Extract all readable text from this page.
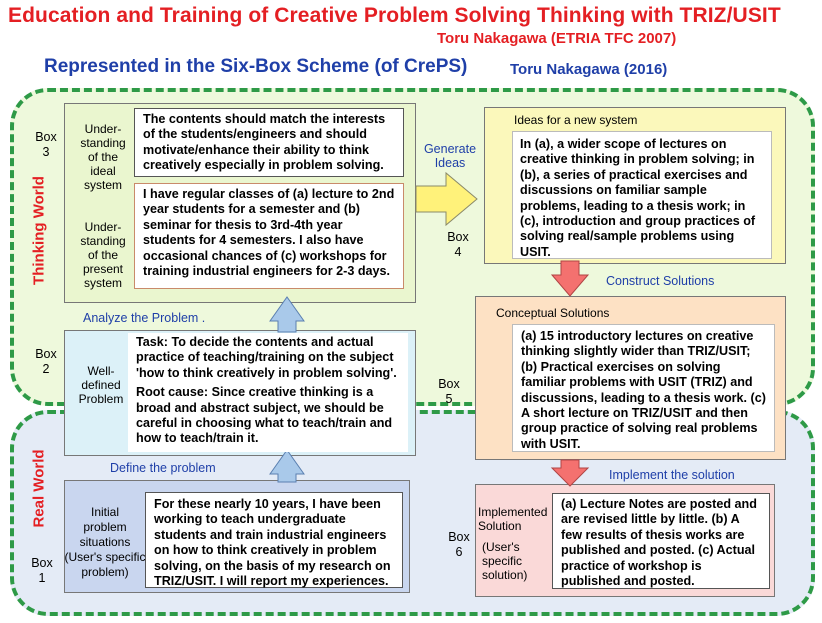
Education and Training of Creative Problem Solving Thinking with TRIZ/USIT
Toru Nakagawa (ETRIA TFC 2007)
Represented in the Six-Box Scheme (of CrePS)	Toru Nakagawa (2016)
Thinking World
Real World
Box
3
Under-
standing
of the
ideal
system
Under-
standing
of the
present
system
The contents should match the interests of the students/engineers and should motivate/enhance their ability to think creatively especially in problem solving.
I have regular classes of (a) lecture to 2nd year students for a semester and (b) seminar for thesis to 3rd-4th year students for 4 semesters. I also have occasional chances of (c) workshops for training industrial engineers for 2-3 days.
Ideas for a new system
In (a), a wider scope of lectures on creative thinking in problem solving; in (b), a series of practical exercises and discussions on familiar sample problems, leading to a thesis work; in (c), introduction and group practices of solving real/sample problems using USIT.
Box
4
Generate
Ideas
Analyze the Problem .
Construct Solutions
Box
2	Well-
defined
Problem

Task: To decide the contents and actual practice of teaching/training on the subject 'how to think creatively in problem solving'.

Root cause: Since creative thinking is a broad and abstract subject, we should be careful in choosing what to teach/train and how to teach/train it.

Conceptual Solutions
(a) 15 introductory lectures on creative thinking slightly wider than TRIZ/USIT; (b) Practical exercises on solving familiar problems with USIT (TRIZ) and discussions, leading to a thesis work. (c) A short lecture on TRIZ/USIT and then group practice of solving real problems with USIT.
Box
5
Define the problem	Implement the solution
Box
1
Initial
problem
situations
(User's specific
problem)
For these nearly 10 years, I have been working to teach undergraduate students and train industrial engineers on how to think creatively in problem solving, on the basis of my research on TRIZ/USIT. I will report my experiences.
Box
6
Implemented
Solution
(User's
specific
solution)
(a) Lecture Notes are posted and are revised little by little. (b) A few results of thesis works are published and posted. (c) Actual practice of workshop is published and posted.
